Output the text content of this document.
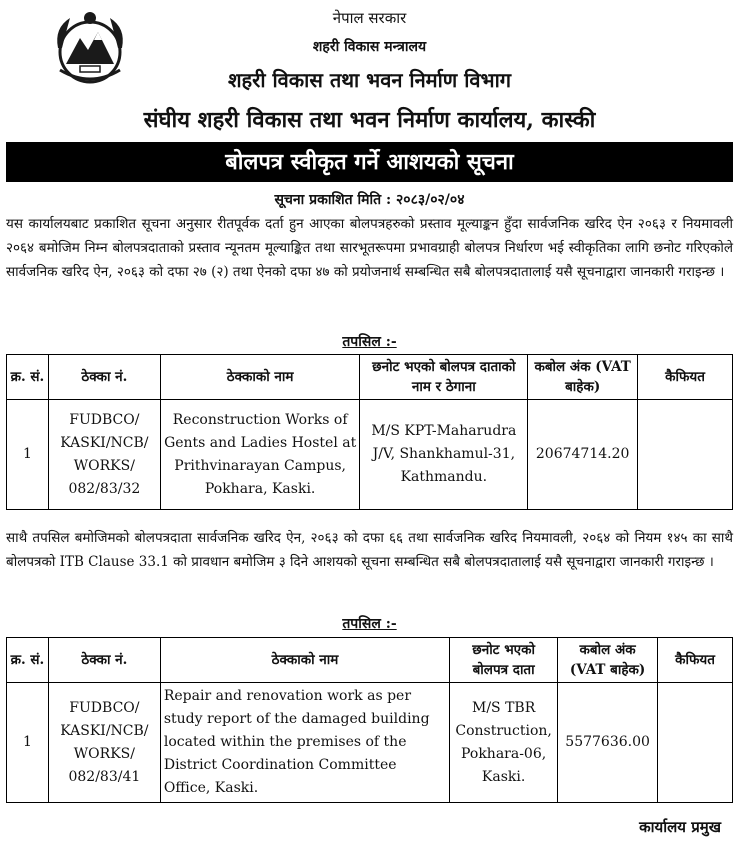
नेपाल सरकार
शहरी विकास मन्त्रालय
शहरी विकास तथा भवन निर्माण विभाग
संघीय शहरी विकास तथा भवन निर्माण कार्यालय, कास्की
बोलपत्र स्वीकृत गर्ने आशयको सूचना
सूचना प्रकाशित मिति : २०८३/०२/०४
यस कार्यालयबाट प्रकाशित सूचना अनुसार रीतपूर्वक दर्ता हुन आएका बोलपत्रहरुको प्रस्ताव मूल्याङ्कन हुँदा सार्वजनिक खरिद ऐन २०६३ र नियमावली २०६४ बमोजिम निम्न बोलपत्रदाताको प्रस्ताव न्यूनतम मूल्याङ्कित तथा सारभूतरूपमा प्रभावग्राही बोलपत्र निर्धारण भई स्वीकृतिका लागि छनोट गरिएकोले सार्वजनिक खरिद ऐन, २०६३ को दफा २७ (२) तथा ऐनको दफा ४७ को प्रयोजनार्थ सम्बन्धित सबै बोलपत्रदातालाई यसै सूचनाद्वारा जानकारी गराइन्छ ।
तपसिल :-
क्र. सं.	ठेक्का नं.	ठेक्काको नाम	छनोट भएको बोलपत्र दाताको नाम र ठेगाना	कबोल अंक (VAT बाहेक)	कैफियत
1	FUDBCO/ KASKI/NCB/ WORKS/ 082/83/32	Reconstruction Works of Gents and Ladies Hostel at Prithvinarayan Campus, Pokhara, Kaski.	M/S KPT-Maharudra J/V, Shankhamul-31, Kathmandu.	20674714.20	
साथै तपसिल बमोजिमको बोलपत्रदाता सार्वजनिक खरिद ऐन, २०६३ को दफा ६६ तथा सार्वजनिक खरिद नियमावली, २०६४ को नियम १४५ का साथै बोलपत्रको ITB Clause 33.1 को प्रावधान बमोजिम ३ दिने आशयको सूचना सम्बन्धित सबै बोलपत्रदातालाई यसै सूचनाद्वारा जानकारी गराइन्छ ।
तपसिल :-
क्र. सं.	ठेक्का नं.	ठेक्काको नाम	छनोट भएको बोलपत्र दाता	कबोल अंक (VAT बाहेक)	कैफियत
1	FUDBCO/ KASKI/NCB/ WORKS/ 082/83/41	Repair and renovation work as per study report of the damaged building located within the premises of the District Coordination Committee Office, Kaski.	M/S TBR Construction, Pokhara-06, Kaski.	5577636.00	
कार्यालय प्रमुख
